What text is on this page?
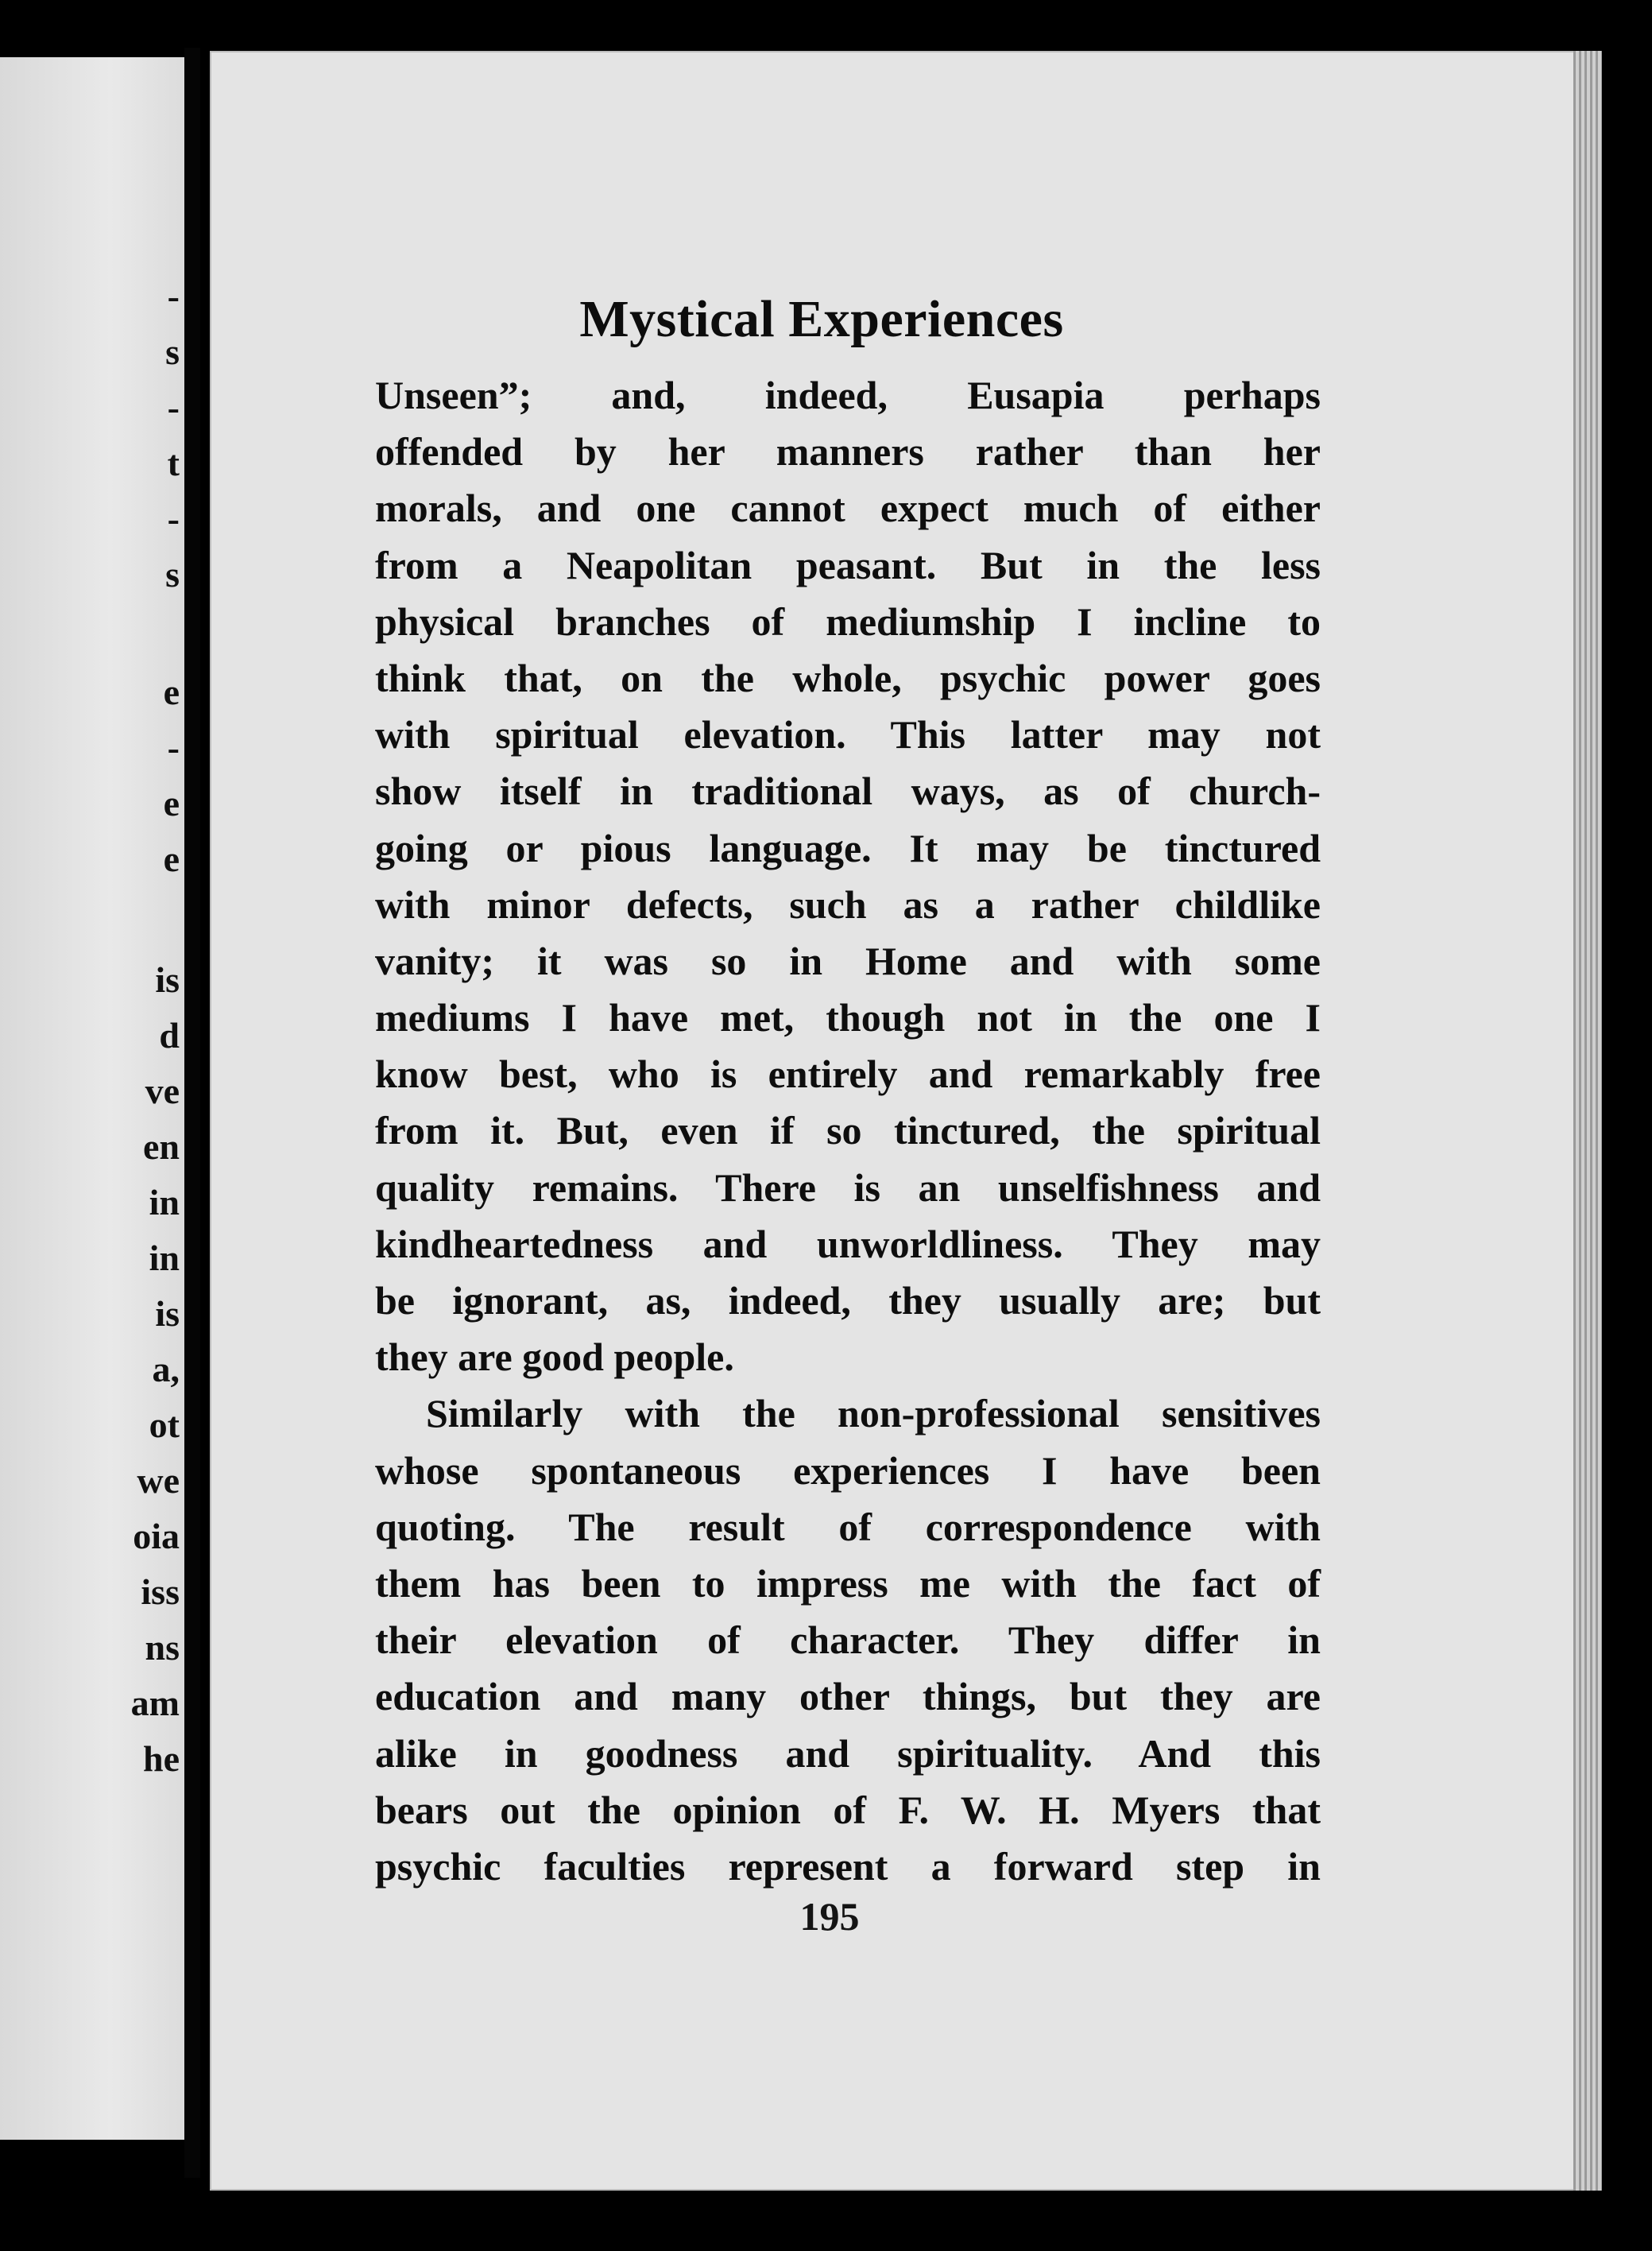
-
s
-
t
-
s
e
-
e
e
is
d
ve
en
in
in
is
a,
ot
we
oia
iss
ns
am
he
Mystical Experiences
Unseen”; and, indeed, Eusapia perhaps
offended by her manners rather than her
morals, and one cannot expect much of either
from a Neapolitan peasant. But in the less
physical branches of mediumship I incline to
think that, on the whole, psychic power goes
with spiritual elevation. This latter may not
show itself in traditional ways, as of church-
going or pious language. It may be tinctured
with minor defects, such as a rather childlike
vanity; it was so in Home and with some
mediums I have met, though not in the one I
know best, who is entirely and remarkably free
from it. But, even if so tinctured, the spiritual
quality remains. There is an unselfishness and
kindheartedness and unworldliness. They may
be ignorant, as, indeed, they usually are; but
they are good people.
Similarly with the non-professional sensitives
whose spontaneous experiences I have been
quoting. The result of correspondence with
them has been to impress me with the fact of
their elevation of character. They differ in
education and many other things, but they are
alike in goodness and spirituality. And this
bears out the opinion of F. W. H. Myers that
psychic faculties represent a forward step in

195
